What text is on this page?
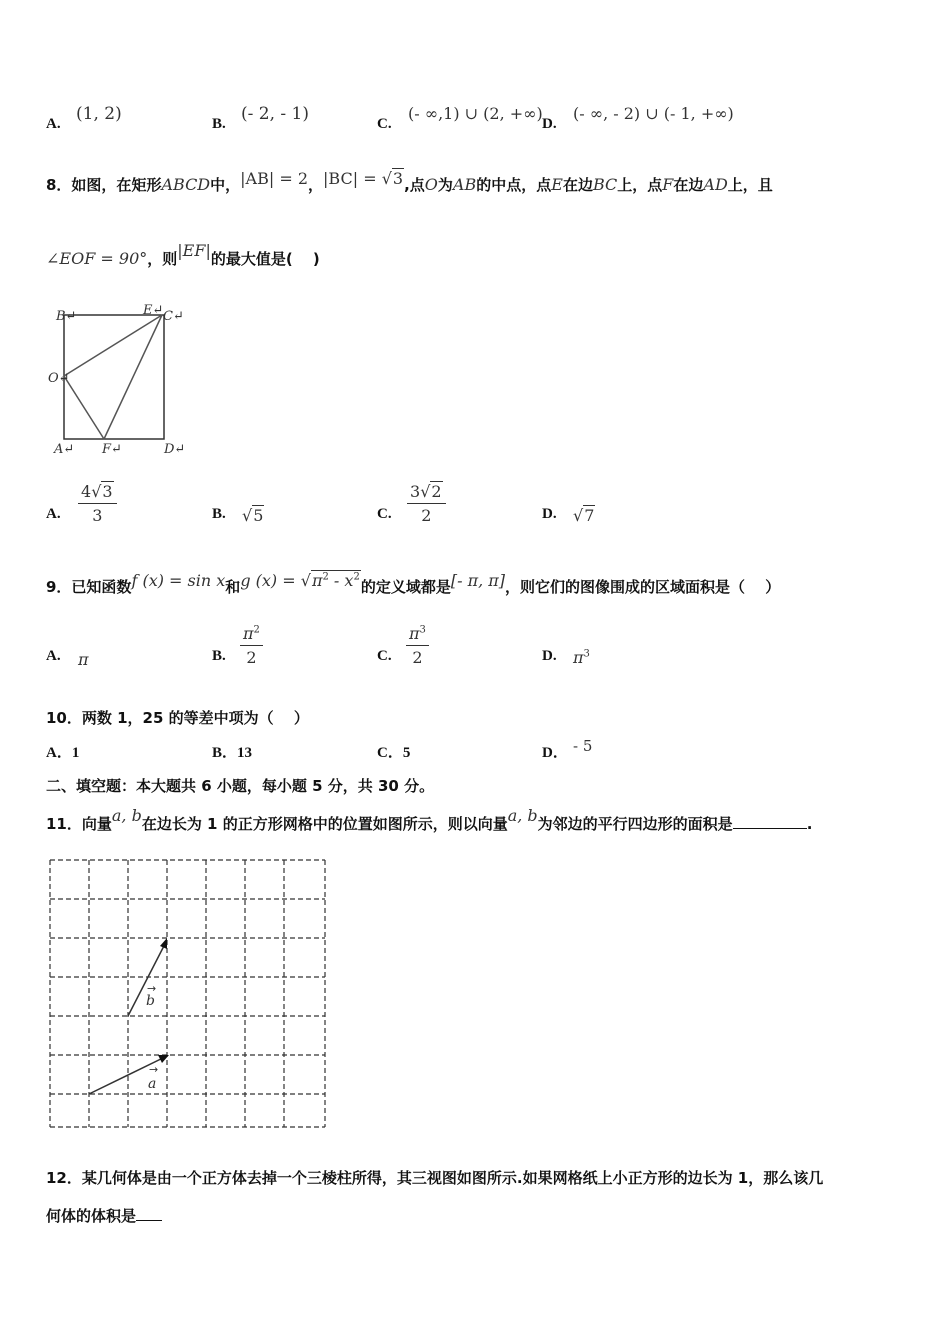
A. (1, 2)	B. (- 2, - 1)	C.
(- ∞,1) ∪ (2, +∞)
D.
(- ∞, - 2) ∪ (- 1, +∞)
8．如图，在矩形ABCD中，|AB| = 2，|BC| = √3,点O为AB的中点，点E在边BC上，点F在边AD上，且
∠EOF = 90°，则|EF|的最大值是(　 )
B↵	E↵ C↵
O↵
A↵ F↵	D↵
A. $\frac{4√3}{3}$	B. √5	C. $\frac{3√2}{2}$	D. √7
9．已知函数f (x) = sin x和g $(x) = √\pi^2 - x^2$的定义域都是[- π, π]，则它们的图像围成的区域面积是（　 ）
A. π	B. $\frac{\pi^2}{2}$	C. $\frac{\pi^3}{2}$	D. $\pi^3$
10．两数 1，25 的等差中项为（　 ）
A．1	B．13	C．5	D． - 5
二、填空题：本大题共 6 小题，每小题 5 分，共 30 分。
11．向量a, b在边长为 1 的正方形网格中的位置如图所示，则以向量a, b为邻边的平行四边形的面积是	.
→
b
→
a
12．某几何体是由一个正方体去掉一个三棱柱所得，其三视图如图所示.如果网格纸上小正方形的边长为 1，那么该几
何体的体积是
